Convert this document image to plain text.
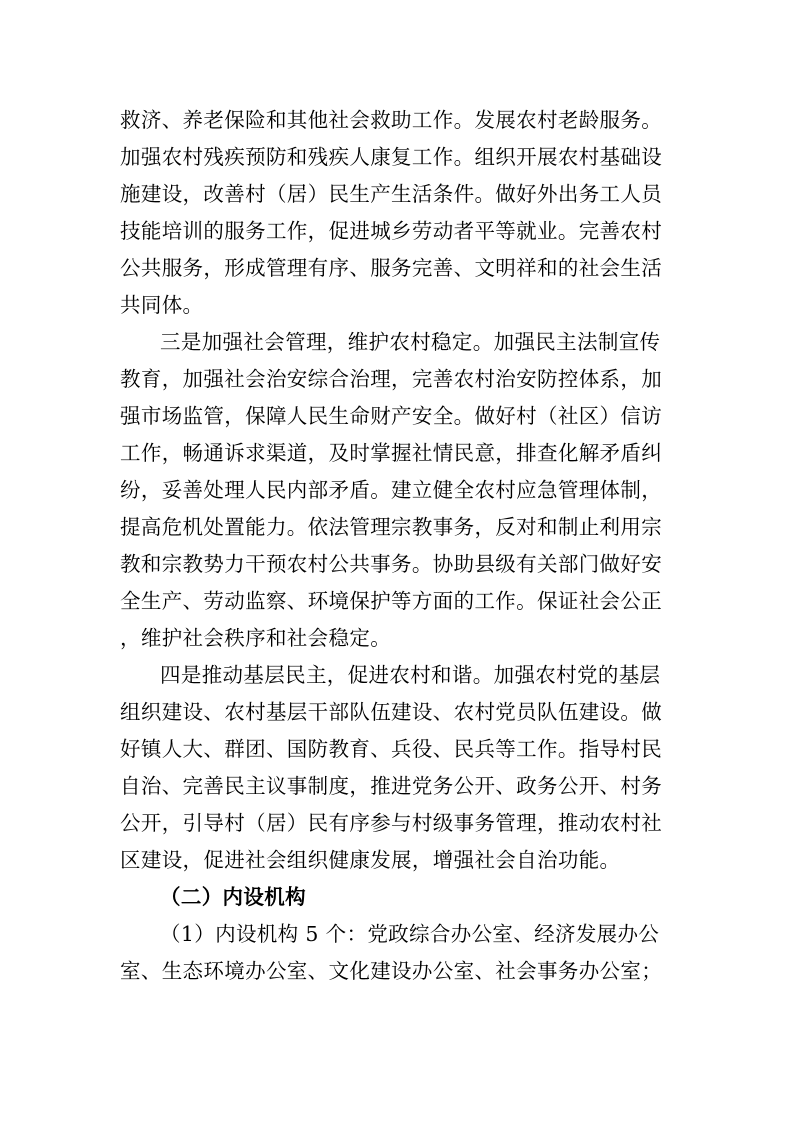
救济、养老保险和其他社会救助工作。发展农村老龄服务。
加强农村残疾预防和残疾人康复工作。组织开展农村基础设
施建设，改善村（居）民生产生活条件。做好外出务工人员
技能培训的服务工作，促进城乡劳动者平等就业。完善农村
公共服务，形成管理有序、服务完善、文明祥和的社会生活
共同体。
三是加强社会管理，维护农村稳定。加强民主法制宣传
教育，加强社会治安综合治理，完善农村治安防控体系，加
强市场监管，保障人民生命财产安全。做好村（社区）信访
工作，畅通诉求渠道，及时掌握社情民意，排查化解矛盾纠
纷，妥善处理人民内部矛盾。建立健全农村应急管理体制，
提高危机处置能力。依法管理宗教事务，反对和制止利用宗
教和宗教势力干预农村公共事务。协助县级有关部门做好安
全生产、劳动监察、环境保护等方面的工作。保证社会公正
，维护社会秩序和社会稳定。
四是推动基层民主，促进农村和谐。加强农村党的基层
组织建设、农村基层干部队伍建设、农村党员队伍建设。做
好镇人大、群团、国防教育、兵役、民兵等工作。指导村民
自治、完善民主议事制度，推进党务公开、政务公开、村务
公开，引导村（居）民有序参与村级事务管理，推动农村社
区建设，促进社会组织健康发展，增强社会自治功能。
（二）内设机构
（1）内设机构 5 个：党政综合办公室、经济发展办公
室、生态环境办公室、文化建设办公室、社会事务办公室；
